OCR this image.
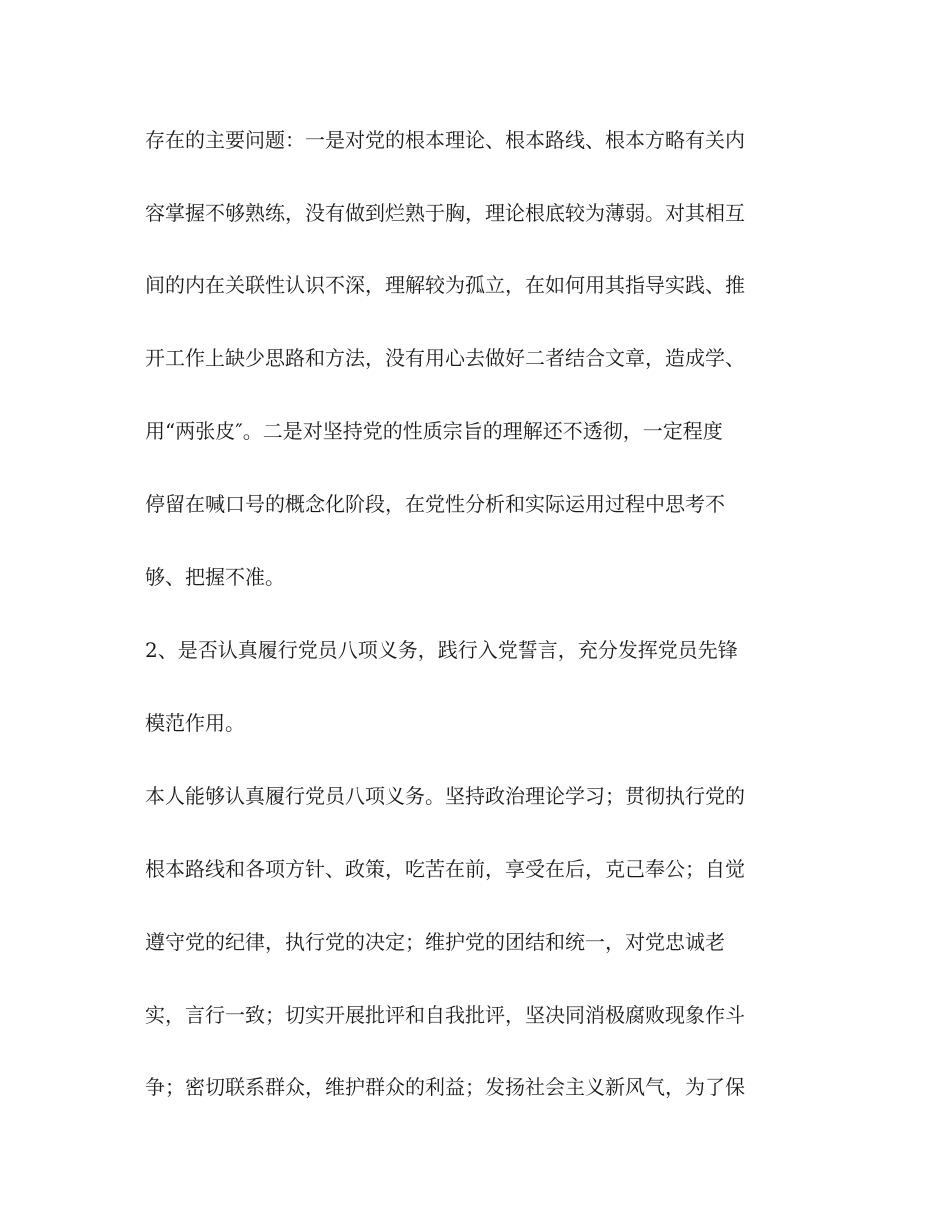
存在的主要问题：一是对党的根本理论、根本路线、根本方略有关内
容掌握不够熟练，没有做到烂熟于胸，理论根底较为薄弱。对其相互
间的内在关联性认识不深，理解较为孤立，在如何用其指导实践、推
开工作上缺少思路和方法，没有用心去做好二者结合文章，造成学、
用“两张皮″。二是对坚持党的性质宗旨的理解还不透彻，一定程度
停留在喊口号的概念化阶段，在党性分析和实际运用过程中思考不
够、把握不准。
2、是否认真履行党员八项义务，践行入党誓言，充分发挥党员先锋
模范作用。
本人能够认真履行党员八项义务。坚持政治理论学习；贯彻执行党的
根本路线和各项方针、政策，吃苦在前，享受在后，克己奉公；自觉
遵守党的纪律，执行党的决定；维护党的团结和统一，对党忠诚老
实，言行一致；切实开展批评和自我批评，坚决同消极腐败现象作斗
争；密切联系群众，维护群众的利益；发扬社会主义新风气，为了保
